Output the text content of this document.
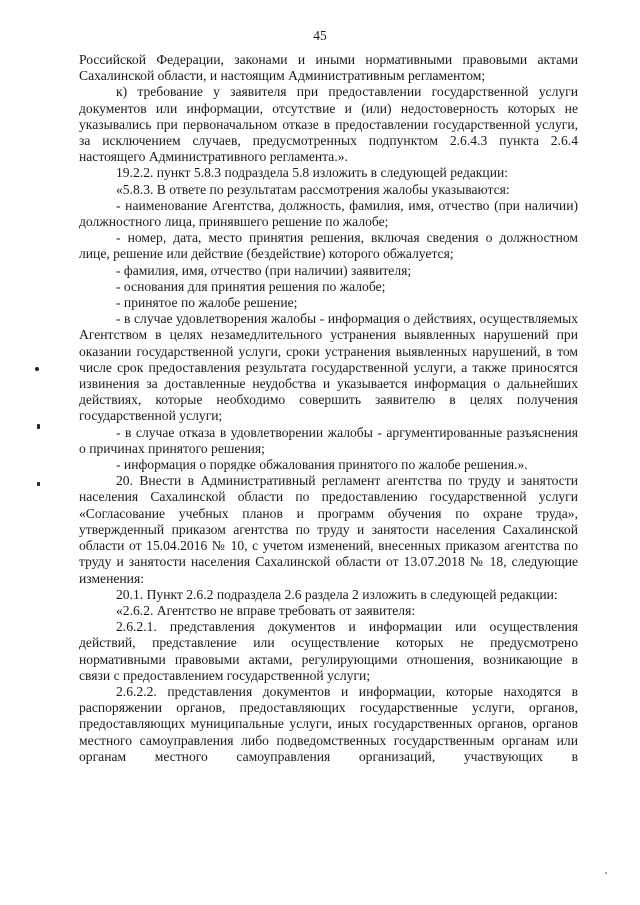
45

Российской Федерации, законами и иными нормативными правовыми актами Сахалинской области, и настоящим Административным регламентом;

к) требование у заявителя при предоставлении государственной услуги документов или информации, отсутствие и (или) недостоверность которых не указывались при первоначальном отказе в предоставлении государственной услуги, за исключением случаев, предусмотренных подпунктом 2.6.4.3 пункта 2.6.4 настоящего Административного регламента.».

19.2.2. пункт 5.8.3 подраздела 5.8 изложить в следующей редакции:

«5.8.3. В ответе по результатам рассмотрения жалобы указываются:

- наименование Агентства, должность, фамилия, имя, отчество (при наличии) должностного лица, принявшего решение по жалобе;

- номер, дата, место принятия решения, включая сведения о должностном лице, решение или действие (бездействие) которого обжалуется;

- фамилия, имя, отчество (при наличии) заявителя;

- основания для принятия решения по жалобе;

- принятое по жалобе решение;

- в случае удовлетворения жалобы - информация о действиях, осуществляемых Агентством в целях незамедлительного устранения выявленных нарушений при оказании государственной услуги, сроки устранения выявленных нарушений, в том числе срок предоставления результата государственной услуги, а также приносятся извинения за доставленные неудобства и указывается информация о дальнейших действиях, которые необходимо совершить заявителю в целях получения государственной услуги;

- в случае отказа в удовлетворении жалобы - аргументированные разъяснения о причинах принятого решения;

- информация о порядке обжалования принятого по жалобе решения.».

20. Внести в Административный регламент агентства по труду и занятости населения Сахалинской области по предоставлению государственной услуги «Согласование учебных планов и программ обучения по охране труда», утвержденный приказом агентства по труду и занятости населения Сахалинской области от 15.04.2016 № 10, с учетом изменений, внесенных приказом агентства по труду и занятости населения Сахалинской области от 13.07.2018 № 18, следующие изменения:

20.1. Пункт 2.6.2 подраздела 2.6 раздела 2 изложить в следующей редакции:

«2.6.2. Агентство не вправе требовать от заявителя:

2.6.2.1. представления документов и информации или осуществления действий, представление или осуществление которых не предусмотрено нормативными правовыми актами, регулирующими отношения, возникающие в связи с предоставлением государственной услуги;

2.6.2.2. представления документов и информации, которые находятся в распоряжении органов, предоставляющих государственные услуги, органов, предоставляющих муниципальные услуги, иных государственных органов, органов местного самоуправления либо подведомственных государственным органам или органам местного самоуправления организаций, участвующих в
